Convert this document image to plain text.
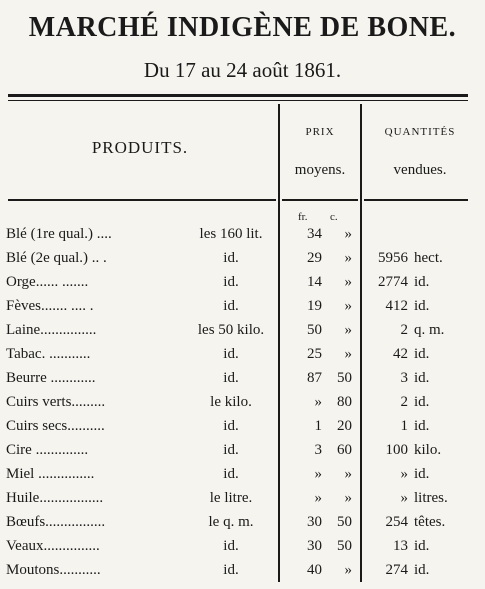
MARCHÉ INDIGÈNE DE BONE.
Du 17 au 24 août 1861.
PRODUITS.
PRIX
moyens.
QUANTITÉS
vendues.
fr. c.
Blé (1re qual.) ....	les 160 lit.	34	»
Blé (2e qual.) .. .	id.	29	»	5956 hect.
Orge...... .......	id.	14	»	2774 id.
Fèves....... .... .	id.	19	»	412 id.
Laine...............	les 50 kilo.	50	»	2 q. m.
Tabac. ...........	id.	25	»	42 id.
Beurre ............	id.	87	50	3 id.
Cuirs verts.........	le kilo.	»	80	2 id.
Cuirs secs..........	id.	1	20	1 id.
Cire ..............	id.	3	60	100 kilo.
Miel ...............	id.	»	»	» id.
Huile.................	le litre.	»	»	» litres.
Bœufs................	le q. m.	30	50	254 têtes.
Veaux...............	id.	30	50	13 id.
Moutons...........	id.	40	»	274 id.
